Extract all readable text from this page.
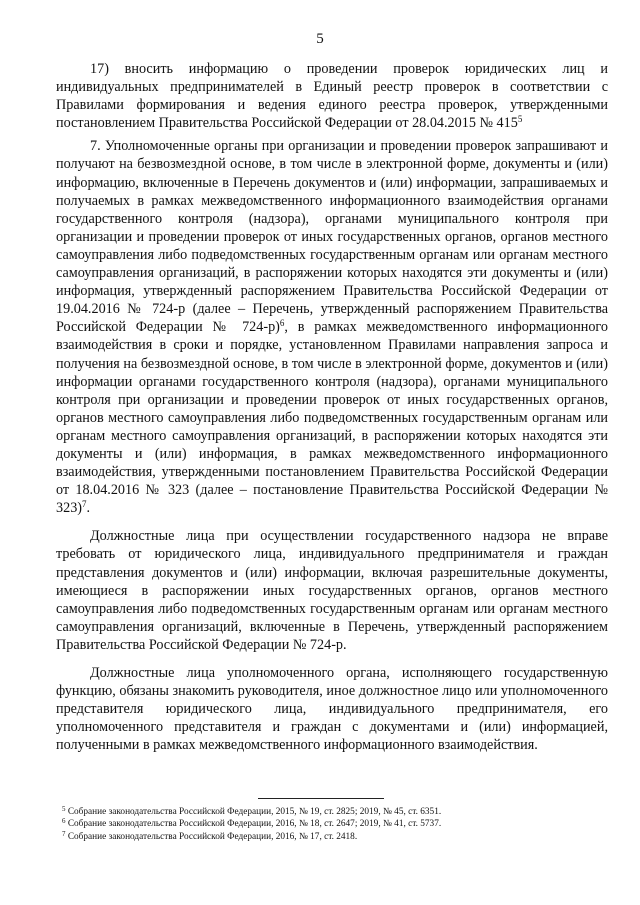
5

17) вносить информацию о проведении проверок юридических лиц и индивидуальных предпринимателей в Единый реестр проверок в соответствии с Правилами формирования и ведения единого реестра проверок, утвержденными постановлением Правительства Российской Федерации от 28.04.2015 № $415^5$

7. Уполномоченные органы при организации и проведении проверок запрашивают и получают на безвозмездной основе, в том числе в электронной форме, документы и (или) информацию, включенные в Перечень документов и (или) информации, запрашиваемых и получаемых в рамках межведомственного информационного взаимодействия органами государственного контроля (надзора), органами муниципального контроля при организации и проведении проверок от иных государственных органов, органов местного самоуправления либо подведомственных государственным органам или органам местного самоуправления организаций, в распоряжении которых находятся эти документы и (или) информация, утвержденный распоряжением Правительства Российской Федерации от 19.04.2016 № 724-р (далее – Перечень, утвержденный распоряжением Правительства Российской Федерации № 724-р)$^6$, в рамках межведомственного информационного взаимодействия в сроки и порядке, установленном Правилами направления запроса и получения на безвозмездной основе, в том числе в электронной форме, документов и (или) информации органами государственного контроля (надзора), органами муниципального контроля при организации и проведении проверок от иных государственных органов, органов местного самоуправления либо подведомственных государственным органам или органам местного самоуправления организаций, в распоряжении которых находятся эти документы и (или) информация, в рамках межведомственного информационного взаимодействия, утвержденными постановлением Правительства Российской Федерации от 18.04.2016 № 323 (далее – постановление Правительства Российской Федерации № 323)$^7$.

Должностные лица при осуществлении государственного надзора не вправе требовать от юридического лица, индивидуального предпринимателя и граждан представления документов и (или) информации, включая разрешительные документы, имеющиеся в распоряжении иных государственных органов, органов местного самоуправления либо подведомственных государственным органам или органам местного самоуправления организаций, включенные в Перечень, утвержденный распоряжением Правительства Российской Федерации № 724-р.

Должностные лица уполномоченного органа, исполняющего государственную функцию, обязаны знакомить руководителя, иное должностное лицо или уполномоченного представителя юридического лица, индивидуального предпринимателя, его уполномоченного представителя и граждан с документами и (или) информацией, полученными в рамках межведомственного информационного взаимодействия.

$^5$ Собрание законодательства Российской Федерации, 2015, № 19, ст. 2825; 2019, № 45, ст. 6351.
$^6$ Собрание законодательства Российской Федерации, 2016, № 18, ст. 2647; 2019, № 41, ст. 5737.
$^7$ Собрание законодательства Российской Федерации, 2016, № 17, ст. 2418.
